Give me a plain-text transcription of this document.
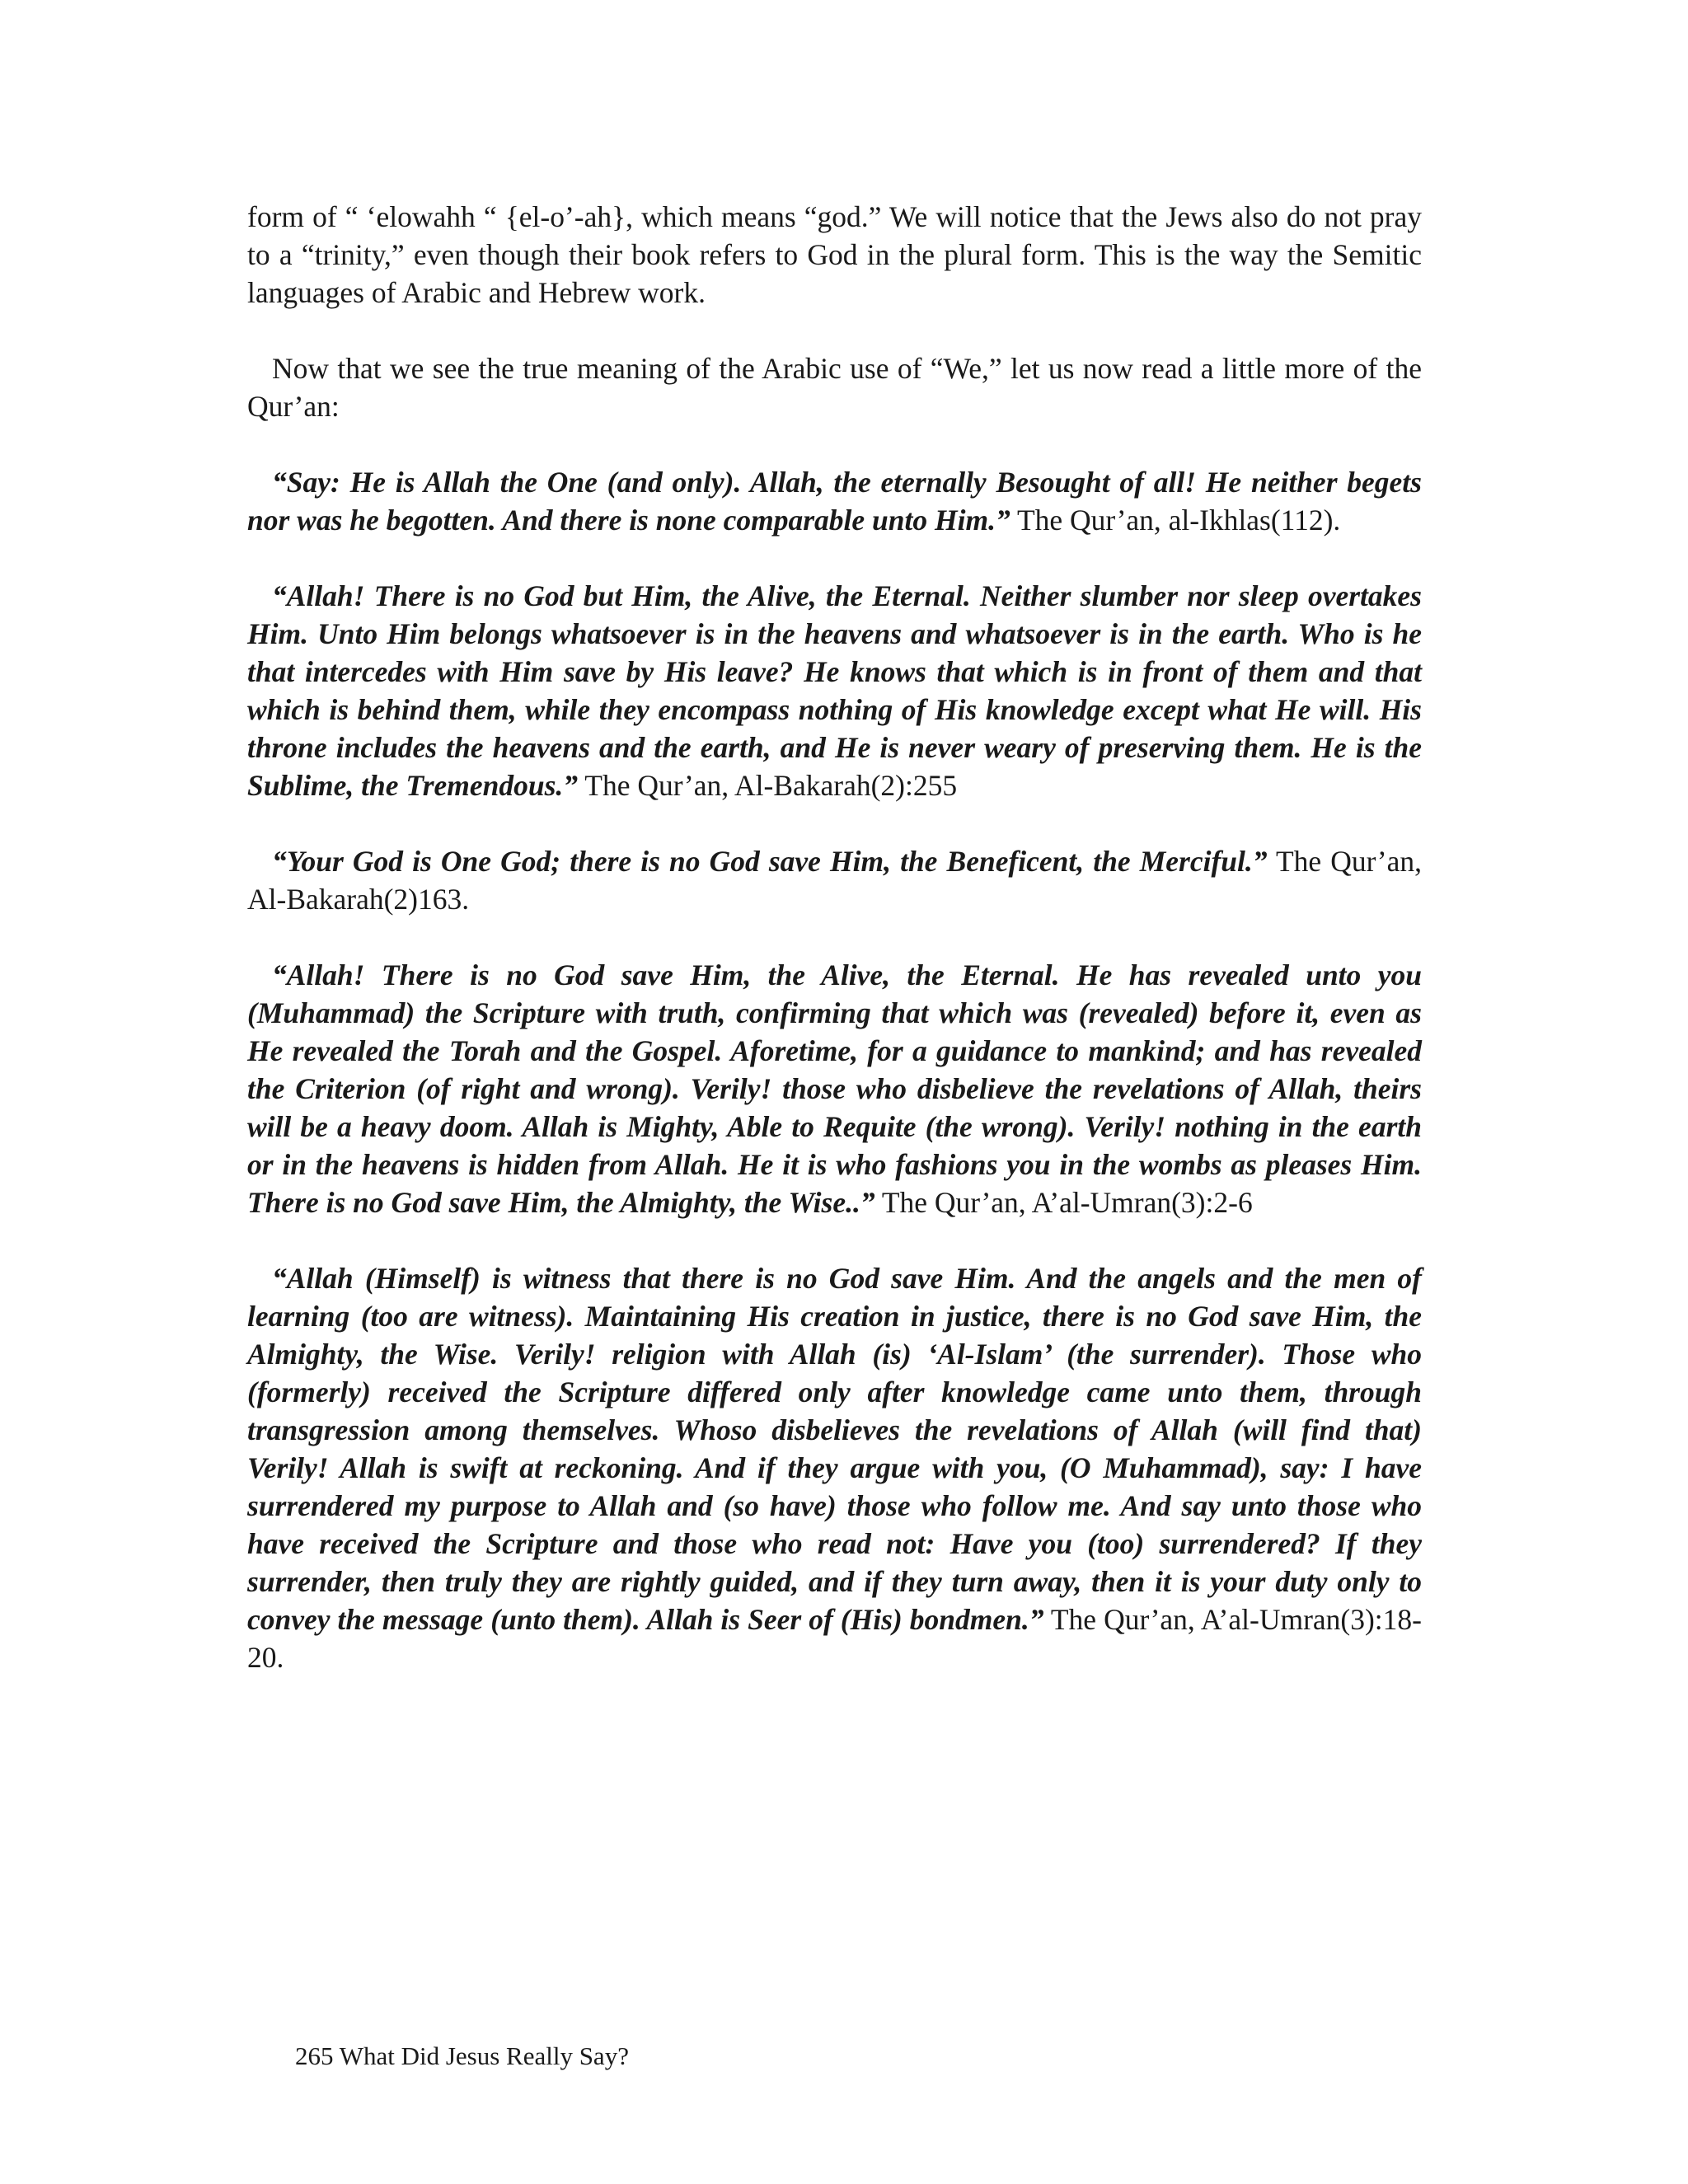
form of “ ‘elowahh “ {el-o’-ah}, which means “god.” We will notice that the Jews also do not pray to a “trinity,” even though their book refers to God in the plural form. This is the way the Semitic languages of Arabic and Hebrew work.

Now that we see the true meaning of the Arabic use of “We,” let us now read a little more of the Qur’an:

“Say: He is Allah the One (and only). Allah, the eternally Besought of all! He neither begets nor was he begotten. And there is none comparable unto Him.” The Qur’an, al-Ikhlas(112).

“Allah! There is no God but Him, the Alive, the Eternal. Neither slumber nor sleep overtakes Him. Unto Him belongs whatsoever is in the heavens and whatsoever is in the earth. Who is he that intercedes with Him save by His leave? He knows that which is in front of them and that which is behind them, while they encompass nothing of His knowledge except what He will. His throne includes the heavens and the earth, and He is never weary of preserving them. He is the Sublime, the Tremendous.” The Qur’an, Al-Bakarah(2):255

“Your God is One God; there is no God save Him, the Beneficent, the Merciful.” The Qur’an, Al-Bakarah(2)163.

“Allah! There is no God save Him, the Alive, the Eternal. He has revealed unto you (Muhammad) the Scripture with truth, confirming that which was (revealed) before it, even as He revealed the Torah and the Gospel. Aforetime, for a guidance to mankind; and has revealed the Criterion (of right and wrong). Verily! those who disbelieve the revelations of Allah, theirs will be a heavy doom. Allah is Mighty, Able to Requite (the wrong). Verily! nothing in the earth or in the heavens is hidden from Allah. He it is who fashions you in the wombs as pleases Him. There is no God save Him, the Almighty, the Wise..” The Qur’an, A’al-Umran(3):2-6

“Allah (Himself) is witness that there is no God save Him. And the angels and the men of learning (too are witness). Maintaining His creation in justice, there is no God save Him, the Almighty, the Wise. Verily! religion with Allah (is) ‘Al-Islam’ (the surrender). Those who (formerly) received the Scripture differed only after knowledge came unto them, through transgression among themselves. Whoso disbelieves the revelations of Allah (will find that) Verily! Allah is swift at reckoning. And if they argue with you, (O Muhammad), say: I have surrendered my purpose to Allah and (so have) those who follow me. And say unto those who have received the Scripture and those who read not: Have you (too) surrendered? If they surrender, then truly they are rightly guided, and if they turn away, then it is your duty only to convey the message (unto them). Allah is Seer of (His) bondmen.” The Qur’an, A’al-Umran(3):18-20.

265 What Did Jesus Really Say?
